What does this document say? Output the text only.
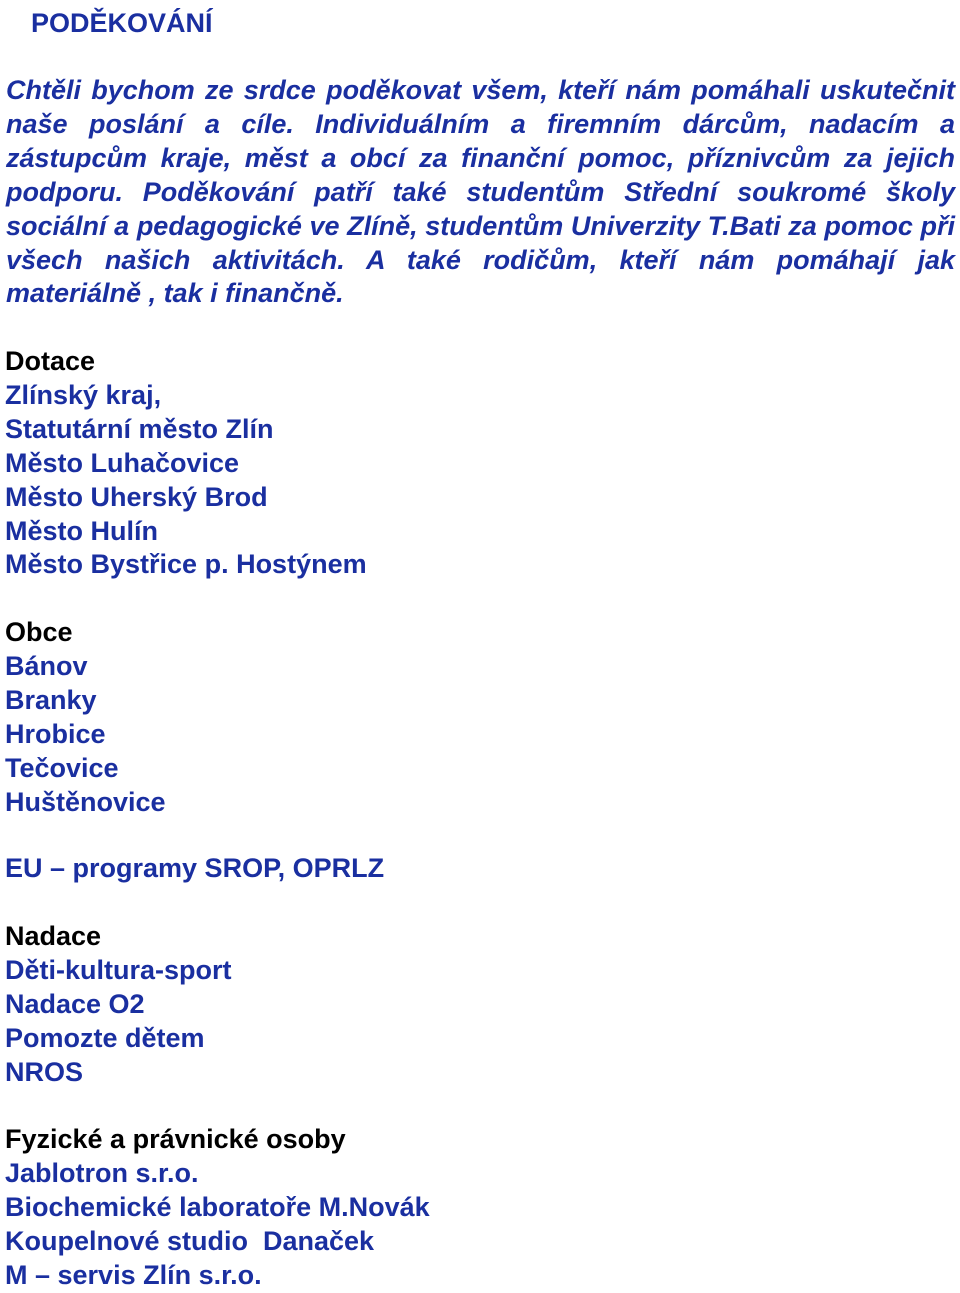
PODĚKOVÁNÍ

Chtěli bychom ze srdce poděkovat všem, kteří nám pomáhali uskutečnit naše poslání a cíle. Individuálním a firemním dárcům, nadacím a zástupcům kraje, měst a obcí za finanční pomoc, příznivcům za jejich podporu. Poděkování patří také studentům Střední soukromé školy sociální a pedagogické ve Zlíně, studentům Univerzity T.Bati za pomoc při všech našich aktivitách. A také rodičům, kteří nám pomáhají jak materiálně , tak i finančně.

Dotace
Zlínský kraj,
Statutární město Zlín
Město Luhačovice
Město Uherský Brod
Město Hulín
Město Bystřice p. Hostýnem
Obce
Bánov
Branky
Hrobice
Tečovice
Huštěnovice
EU – programy SROP, OPRLZ
Nadace
Děti-kultura-sport
Nadace O2
Pomozte dětem
NROS
Fyzické a právnické osoby
Jablotron s.r.o.
Biochemické laboratoře M.Novák
Koupelnové studio  Danaček
M – servis Zlín s.r.o.
